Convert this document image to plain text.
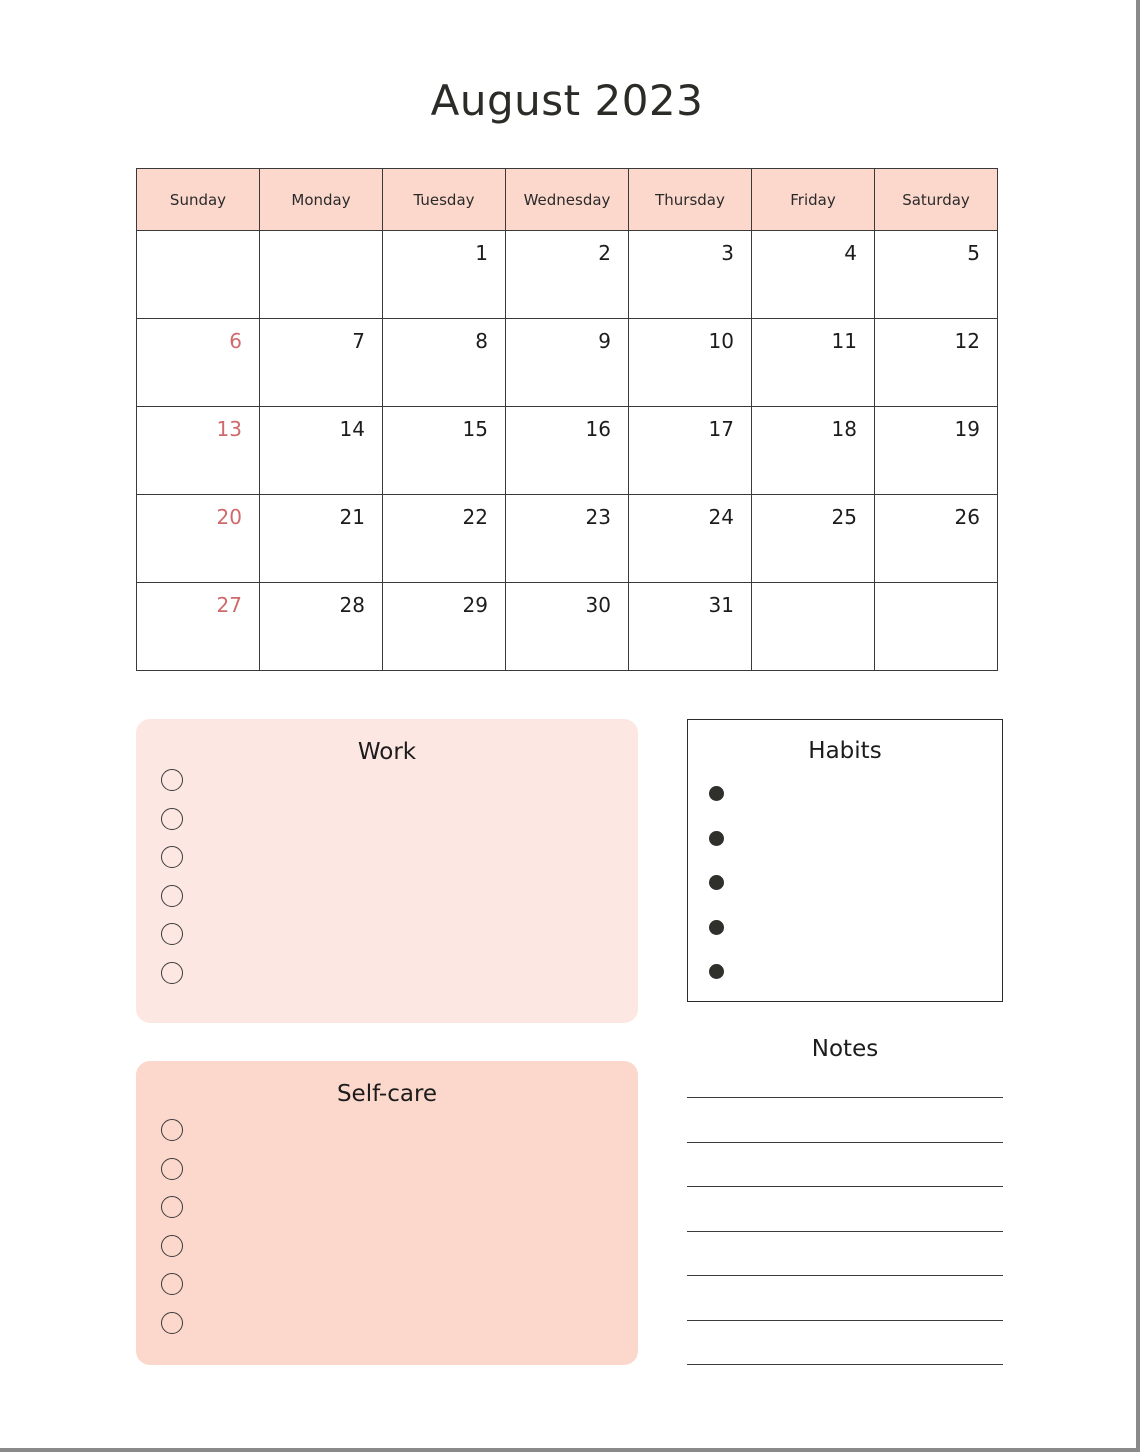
August 2023
Sunday	Monday	Tuesday	Wednesday	Thursday	Friday	Saturday
		1	2	3	4	5
6	7	8	9	10	11	12
13	14	15	16	17	18	19
20	21	22	23	24	25	26
27	28	29	30	31		
Work
Self-care
Habits
Notes
